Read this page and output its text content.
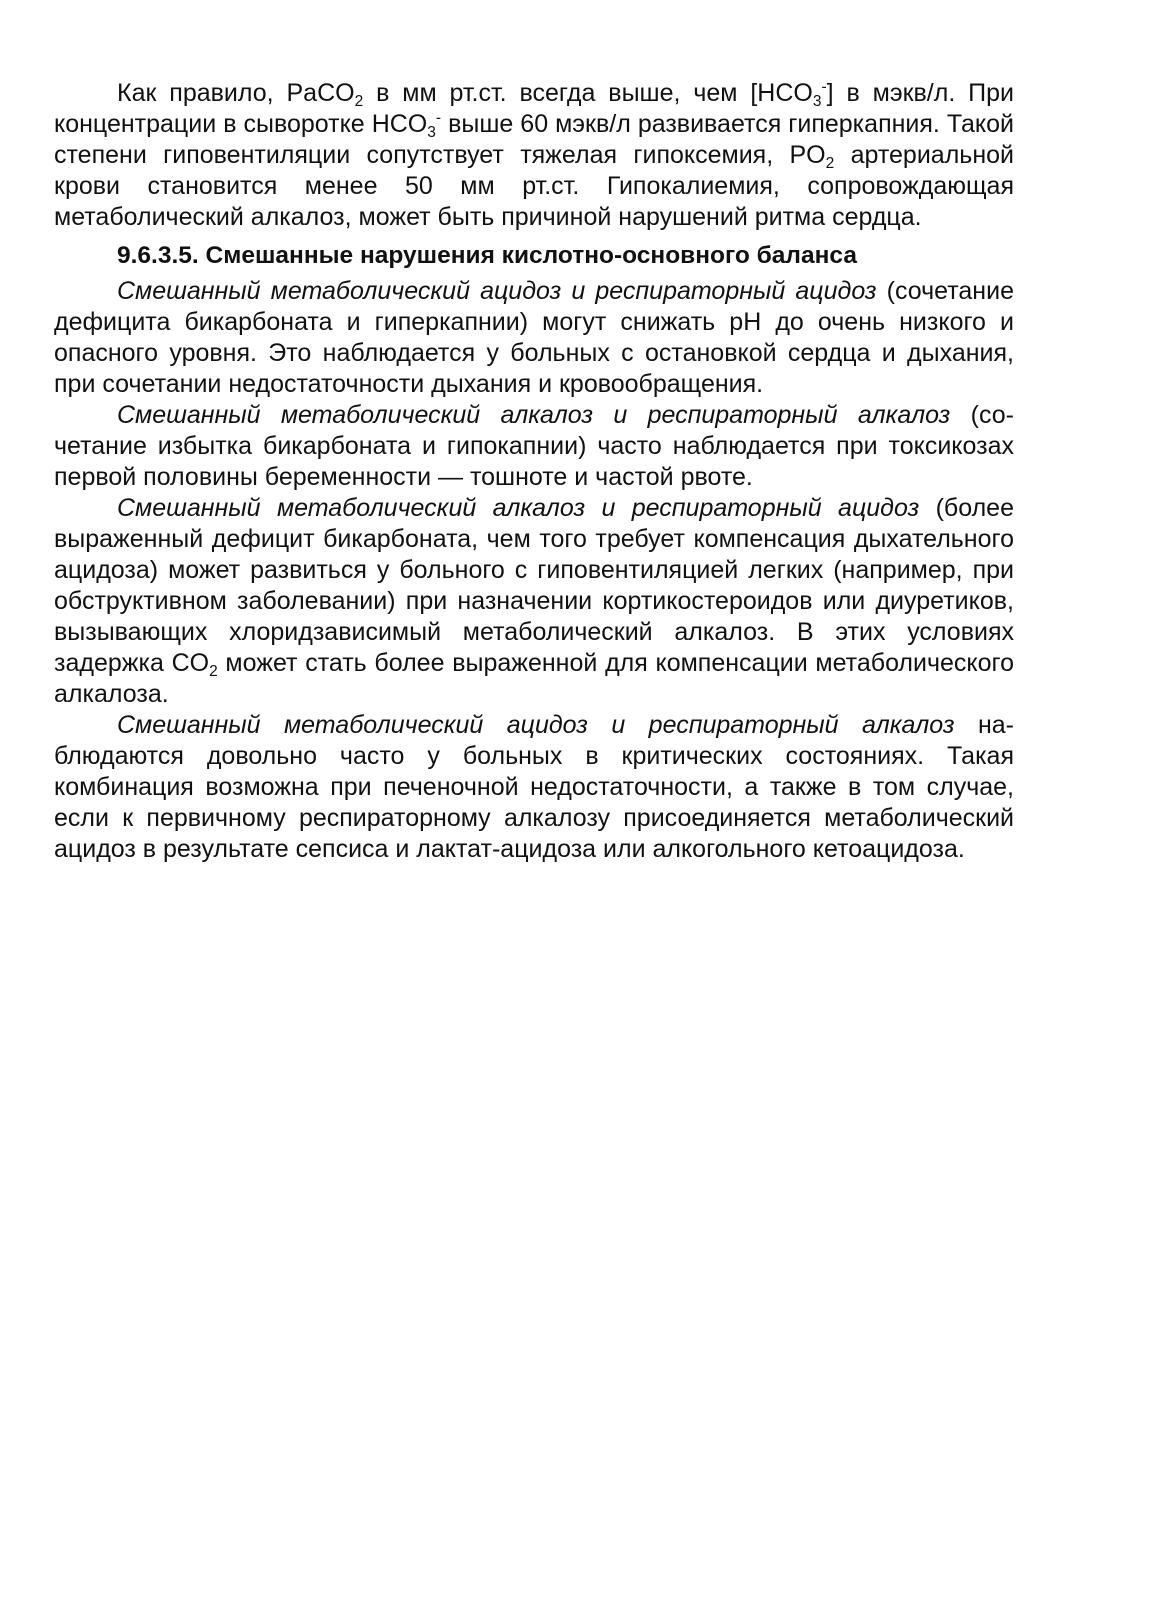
Как правило, PaCO$_2$ в мм рт.ст. всегда выше, чем $[HCO_3^-]$ в мэкв/л. При концентрации в сыворотке $HCO_3^-$ выше 60 мэкв/л развивается гиперкапния. Такой степени гиповентиляции сопутствует тяжелая гипоксемия, $PO_2$ артериальной крови становится менее 50 мм рт.ст. Гипокалиемия, сопровождающая метаболический алкалоз, может быть причиной нарушений ритма сердца.

9.6.3.5. Смешанные нарушения кислотно-основного баланса

Смешанный метаболический ацидоз и респираторный ацидоз (сочетание дефицита бикарбоната и гиперкапнии) могут снижать pH до очень низкого и опасного уровня. Это наблюдается у больных с остановкой сердца и дыхания, при сочетании недостаточности дыхания и кровообращения.

Смешанный метаболический алкалоз и респираторный алкалоз (сочетание избытка бикарбоната и гипокапнии) часто наблюдается при токсикозах первой половины беременности — тошноте и частой рвоте.

Смешанный метаболический алкалоз и респираторный ацидоз (более выраженный дефицит бикарбоната, чем того требует компенсация дыхательного ацидоза) может развиться у больного с гиповентиляцией легких (например, при обструктивном заболевании) при назначении кортикостероидов или диуретиков, вызывающих хлоридзависимый метаболический алкалоз. В этих условиях задержка $CO_2$ может стать более выраженной для компенсации метаболического алкалоза.

Смешанный метаболический ацидоз и респираторный алкалоз наблюдаются довольно часто у больных в критических состояниях. Такая комбинация возможна при печеночной недостаточности, а также в том случае, если к первичному респираторному алкалозу присоединяется метаболический ацидоз в результате сепсиса и лактат-ацидоза или алкогольного кетоацидоза.
